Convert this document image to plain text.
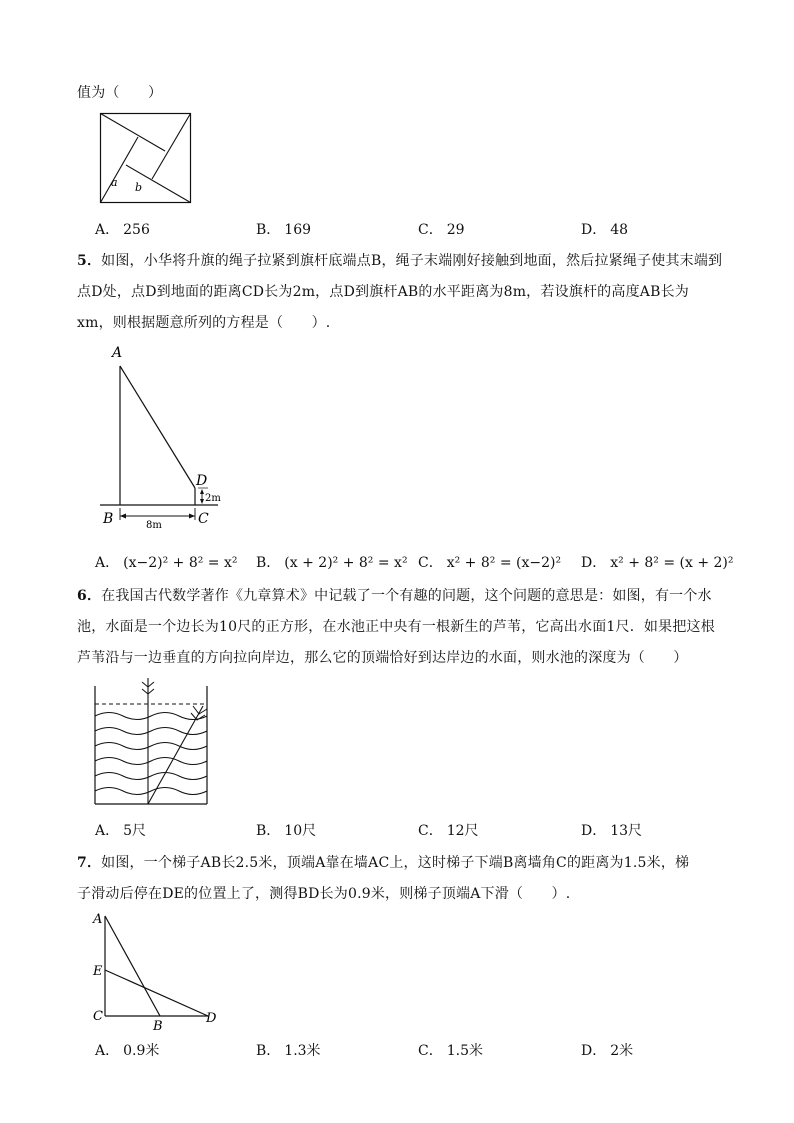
值为（　　）
a b
A． 256	B． 169	C． 29	D． 48
5．如图，小华将升旗的绳子拉紧到旗杆底端点B，绳子末端刚好接触到地面，然后拉紧绳子使其末端到
点D处，点D到地面的距离CD长为2m，点D到旗杆AB的水平距离为8m，若设旗杆的高度AB长为
xm，则根据题意所列的方程是（　　）.
A
B	C
D
2m
8m
A． (x−2)² + 8² = x² B． (x + 2)² + 8² = x² C． x² + 8² = (x−2)² D． x² + 8² = (x + 2)²
6．在我国古代数学著作《九章算术》中记载了一个有趣的问题，这个问题的意思是：如图，有一个水
池，水面是一个边长为10尺的正方形，在水池正中央有一根新生的芦苇，它高出水面1尺．如果把这根
芦苇沿与一边垂直的方向拉向岸边，那么它的顶端恰好到达岸边的水面，则水池的深度为（　　）
A． 5尺	B． 10尺	C． 12尺	D． 13尺
7．如图，一个梯子AB长2.5米，顶端A靠在墙AC上，这时梯子下端B离墙角C的距离为1.5米，梯
子滑动后停在DE的位置上了，测得BD长为0.9米，则梯子顶端A下滑（　　）.
A
E
C
B
D
A． 0.9米	B． 1.3米	C． 1.5米	D． 2米
